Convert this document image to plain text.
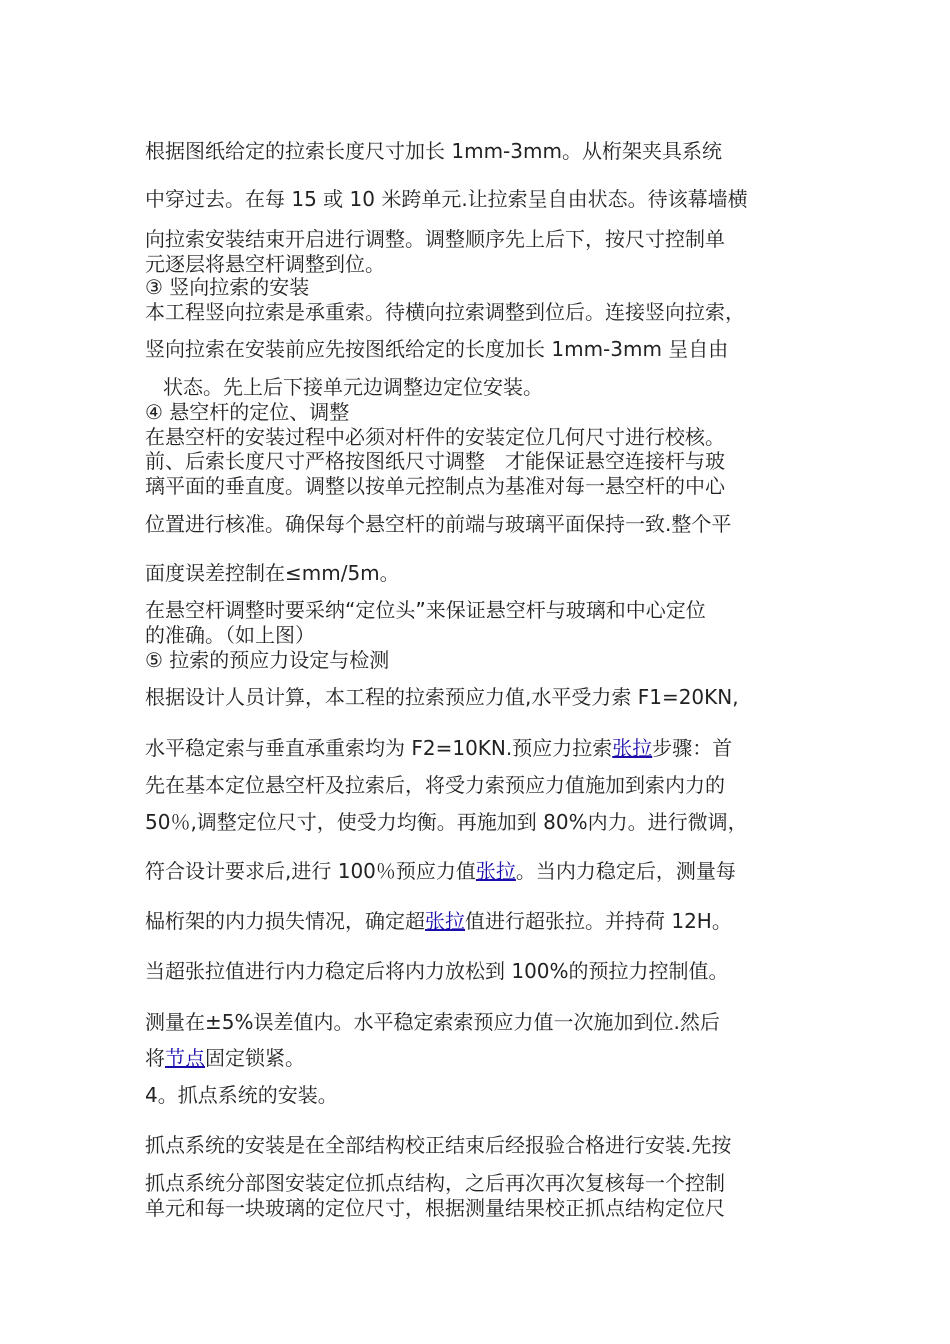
根据图纸给定的拉索长度尺寸加长 1mm-3mm。从桁架夹具系统
中穿过去。在每 15 或 10 米跨单元.让拉索呈自由状态。待该幕墙横
向拉索安装结束开启进行调整。调整顺序先上后下，按尺寸控制单
元逐层将悬空杆调整到位。
③ 竖向拉索的安装
本工程竖向拉索是承重索。待横向拉索调整到位后。连接竖向拉索，
竖向拉索在安装前应先按图纸给定的长度加长 1mm-3mm 呈自由
状态。先上后下接单元边调整边定位安装。
④ 悬空杆的定位、调整
在悬空杆的安装过程中必须对杆件的安装定位几何尺寸进行校核。
前、后索长度尺寸严格按图纸尺寸调整　才能保证悬空连接杆与玻
璃平面的垂直度。调整以按单元控制点为基准对每一悬空杆的中心
位置进行核准。确保每个悬空杆的前端与玻璃平面保持一致.整个平
面度误差控制在≤mm/5m。
在悬空杆调整时要采纳“定位头”来保证悬空杆与玻璃和中心定位
的准确。（如上图）
⑤ 拉索的预应力设定与检测
根据设计人员计算，本工程的拉索预应力值,水平受力索 F1=20KN,
水平稳定索与垂直承重索均为 F2=10KN.预应力拉索张拉步骤：首
先在基本定位悬空杆及拉索后，将受力索预应力值施加到索内力的
50％,调整定位尺寸，使受力均衡。再施加到 80%内力。进行微调，
符合设计要求后,进行 100％预应力值张拉。当内力稳定后，测量每
榀桁架的内力损失情况，确定超张拉值进行超张拉。并持荷 12H。
当超张拉值进行内力稳定后将内力放松到 100%的预拉力控制值。
测量在±5%误差值内。水平稳定索索预应力值一次施加到位.然后
将节点固定锁紧。
4。抓点系统的安装。
抓点系统的安装是在全部结构校正结束后经报验合格进行安装.先按
抓点系统分部图安装定位抓点结构，之后再次再次复核每一个控制
单元和每一块玻璃的定位尺寸，根据测量结果校正抓点结构定位尺
